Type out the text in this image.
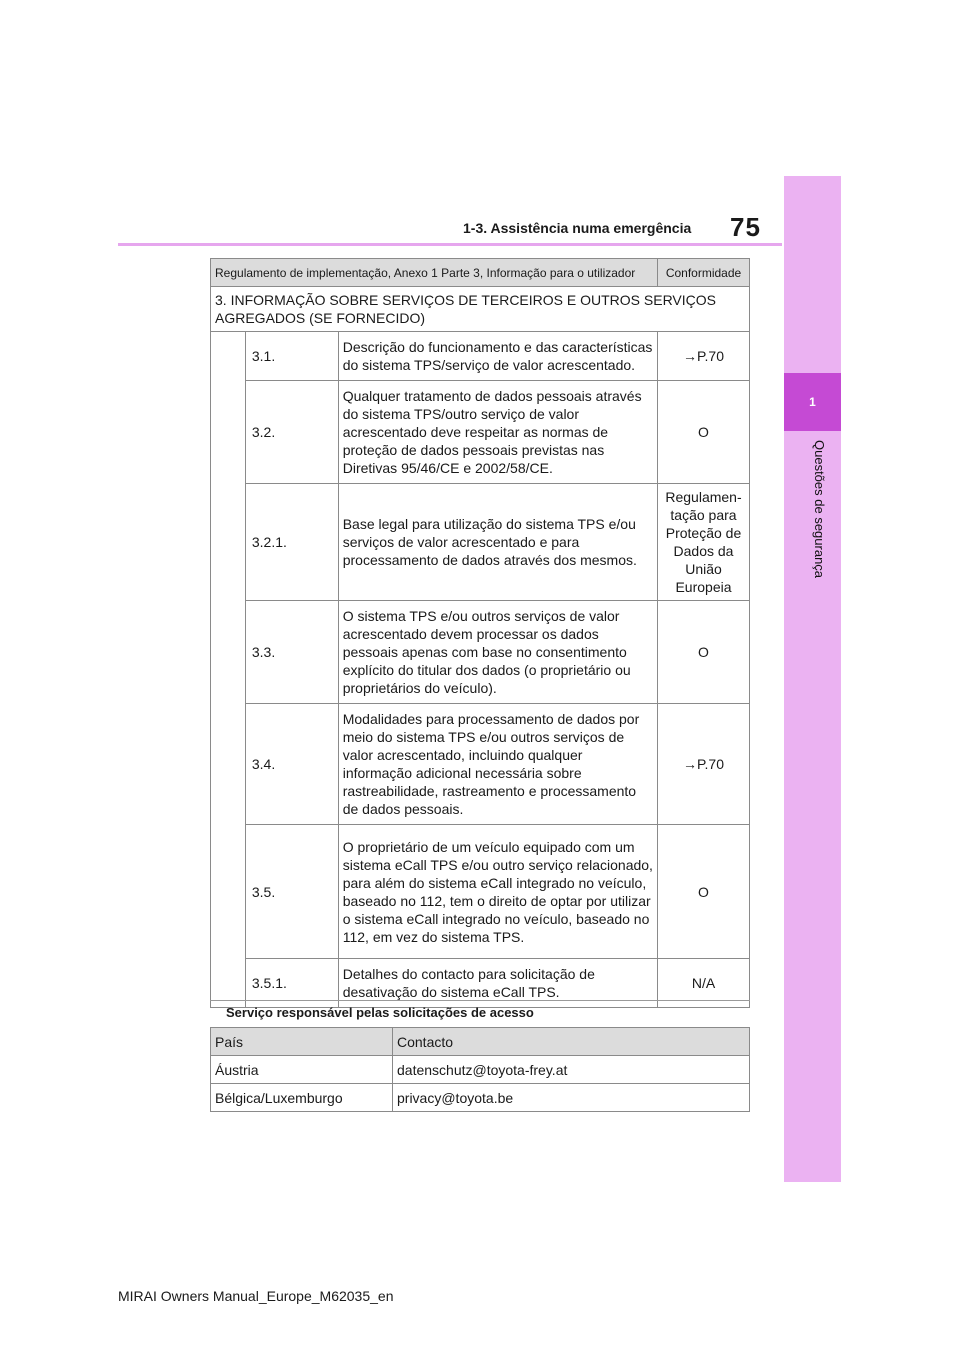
75
1-3. Assistência numa emergência
1
Questões de segurança
Regulamento de implementação, Anexo 1 Parte 3, Informação para o utilizador			Conformidade
3. INFORMAÇÃO SOBRE SERVIÇOS DE TERCEIROS E OUTROS SERVIÇOS AGREGADOS (SE FORNECIDO)			
	3.1.	Descrição do funcionamento e das características do sistema TPS/serviço de valor acrescentado.	→P.70
	3.2.	Qualquer tratamento de dados pessoais através do sistema TPS/outro serviço de valor acrescentado deve respeitar as normas de proteção de dados pessoais previstas nas Diretivas 95/46/CE e 2002/58/CE.	O
	3.2.1.	Base legal para utilização do sistema TPS e/ou serviços de valor acrescentado e para processamento de dados através dos mesmos.	Regulamen-tação para Proteção de Dados da União Europeia
	3.3.	O sistema TPS e/ou outros serviços de valor acrescentado devem processar os dados pessoais apenas com base no consentimento explícito do titular dos dados (o proprietário ou proprietários do veículo).	O
	3.4.	Modalidades para processamento de dados por meio do sistema TPS e/ou outros serviços de valor acrescentado, incluindo qualquer informação adicional necessária sobre rastreabilidade, rastreamento e processamento de dados pessoais.	→P.70
	3.5.	O proprietário de um veículo equipado com um sistema eCall TPS e/ou outro serviço relacionado, para além do sistema eCall integrado no veículo, baseado no 112, tem o direito de optar por utilizar o sistema eCall integrado no veículo, baseado no 112, em vez do sistema TPS.	O
	3.5.1.	Detalhes do contacto para solicitação de desativação do sistema eCall TPS.	N/A
Serviço responsável pelas solicitações de acesso
País	Contacto
Áustria	datenschutz@toyota-frey.at
Bélgica/Luxemburgo	privacy@toyota.be
MIRAI Owners Manual_Europe_M62035_en
